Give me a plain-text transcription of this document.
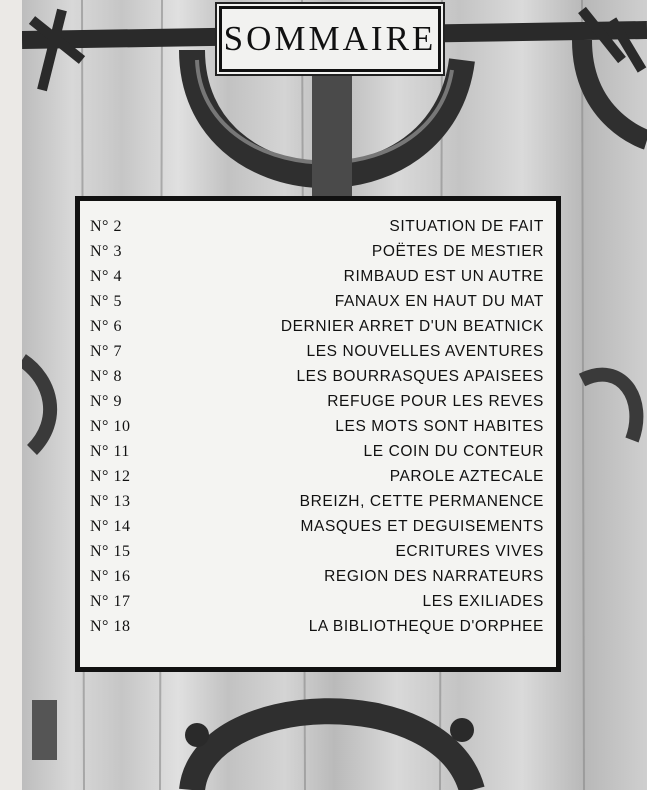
SOMMAIRE
N° 2	SITUATION DE FAIT
N° 3	POËTES DE MESTIER
N° 4	RIMBAUD EST UN AUTRE
N° 5	FANAUX EN HAUT DU MAT
N° 6	DERNIER ARRET D'UN BEATNICK
N° 7	LES NOUVELLES AVENTURES
N° 8	LES BOURRASQUES APAISEES
N° 9	REFUGE POUR LES REVES
N° 10	LES MOTS SONT HABITES
N° 11	LE COIN DU CONTEUR
N° 12	PAROLE AZTECALE
N° 13	BREIZH, CETTE PERMANENCE
N° 14	MASQUES ET DEGUISEMENTS
N° 15	ECRITURES VIVES
N° 16	REGION DES NARRATEURS
N° 17	LES EXILIADES
N° 18	LA BIBLIOTHEQUE D'ORPHEE
